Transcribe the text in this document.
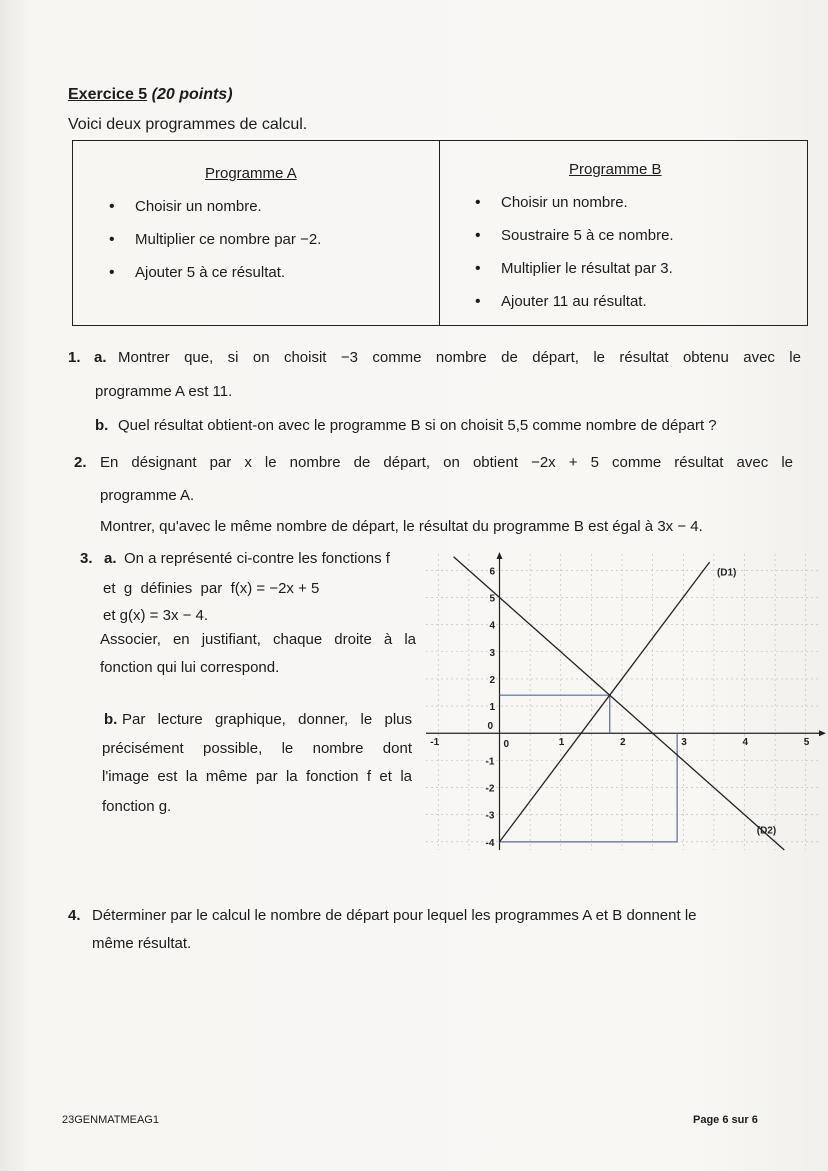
Exercice 5 (20 points)
Voici deux programmes de calcul.
Programme A
• Choisir un nombre.
• Multiplier ce nombre par −2.
• Ajouter 5 à ce résultat.
Programme B
• Choisir un nombre.
• Soustraire 5 à ce nombre.
• Multiplier le résultat par 3.
• Ajouter 11 au résultat.
1. a. Montrer que, si on choisit −3 comme nombre de départ, le résultat obtenu avec le
programme A est 11.
b. Quel résultat obtient-on avec le programme B si on choisit 5,5 comme nombre de départ ?
2. En désignant par x le nombre de départ, on obtient −2x + 5 comme résultat avec le
programme A.
Montrer, qu'avec le même nombre de départ, le résultat du programme B est égal à 3x − 4.
3. a. On a représenté ci-contre les fonctions f
et  g  définies  par  f(x) = −2x + 5
et g(x) = 3x − 4.
Associer, en justifiant, chaque droite à la
fonction qui lui correspond.
b. Par lecture graphique, donner, le plus
précisément possible, le nombre dont
l'image est la même par la fonction f et la
fonction g.
-1	0	1	2	3	4	5
6
5
4
3
2
1
0
-1
-2
-3
-4
(D1)
(D2)
4. Déterminer par le calcul le nombre de départ pour lequel les programmes A et B donnent le
même résultat.
23GENMATMEAG1	Page 6 sur 6
